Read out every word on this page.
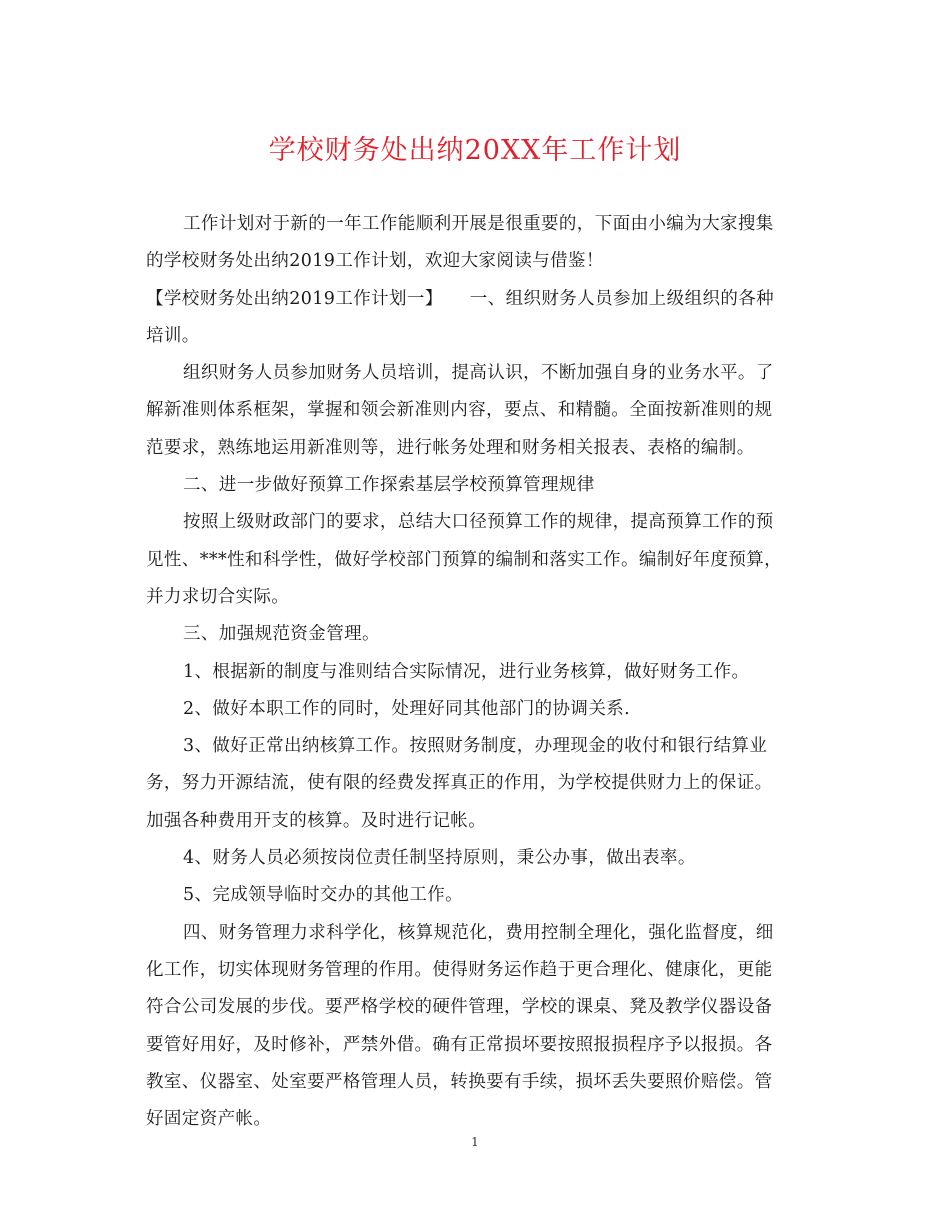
学校财务处出纳20XX年工作计划

工作计划对于新的一年工作能顺利开展是很重要的，下面由小编为大家搜集

的学校财务处出纳2019工作计划，欢迎大家阅读与借鉴！

【学校财务处出纳2019工作计划一】　　一、组织财务人员参加上级组织的各种

培训。

组织财务人员参加财务人员培训，提高认识，不断加强自身的业务水平。了

解新准则体系框架，掌握和领会新准则内容，要点、和精髓。全面按新准则的规

范要求，熟练地运用新准则等，进行帐务处理和财务相关报表、表格的编制。

二、进一步做好预算工作探索基层学校预算管理规律

按照上级财政部门的要求，总结大口径预算工作的规律，提高预算工作的预

见性、***性和科学性，做好学校部门预算的编制和落实工作。编制好年度预算，

并力求切合实际。

三、加强规范资金管理。

1、根据新的制度与准则结合实际情况，进行业务核算，做好财务工作。

2、做好本职工作的同时，处理好同其他部门的协调关系.

3、做好正常出纳核算工作。按照财务制度，办理现金的收付和银行结算业

务，努力开源结流，使有限的经费发挥真正的作用，为学校提供财力上的保证。

加强各种费用开支的核算。及时进行记帐。

4、财务人员必须按岗位责任制坚持原则，秉公办事，做出表率。

5、完成领导临时交办的其他工作。

四、财务管理力求科学化，核算规范化，费用控制全理化，强化监督度，细

化工作，切实体现财务管理的作用。使得财务运作趋于更合理化、健康化，更能

符合公司发展的步伐。要严格学校的硬件管理，学校的课桌、凳及教学仪器设备

要管好用好，及时修补，严禁外借。确有正常损坏要按照报损程序予以报损。各

教室、仪器室、处室要严格管理人员，转换要有手续，损坏丢失要照价赔偿。管

好固定资产帐。

1
